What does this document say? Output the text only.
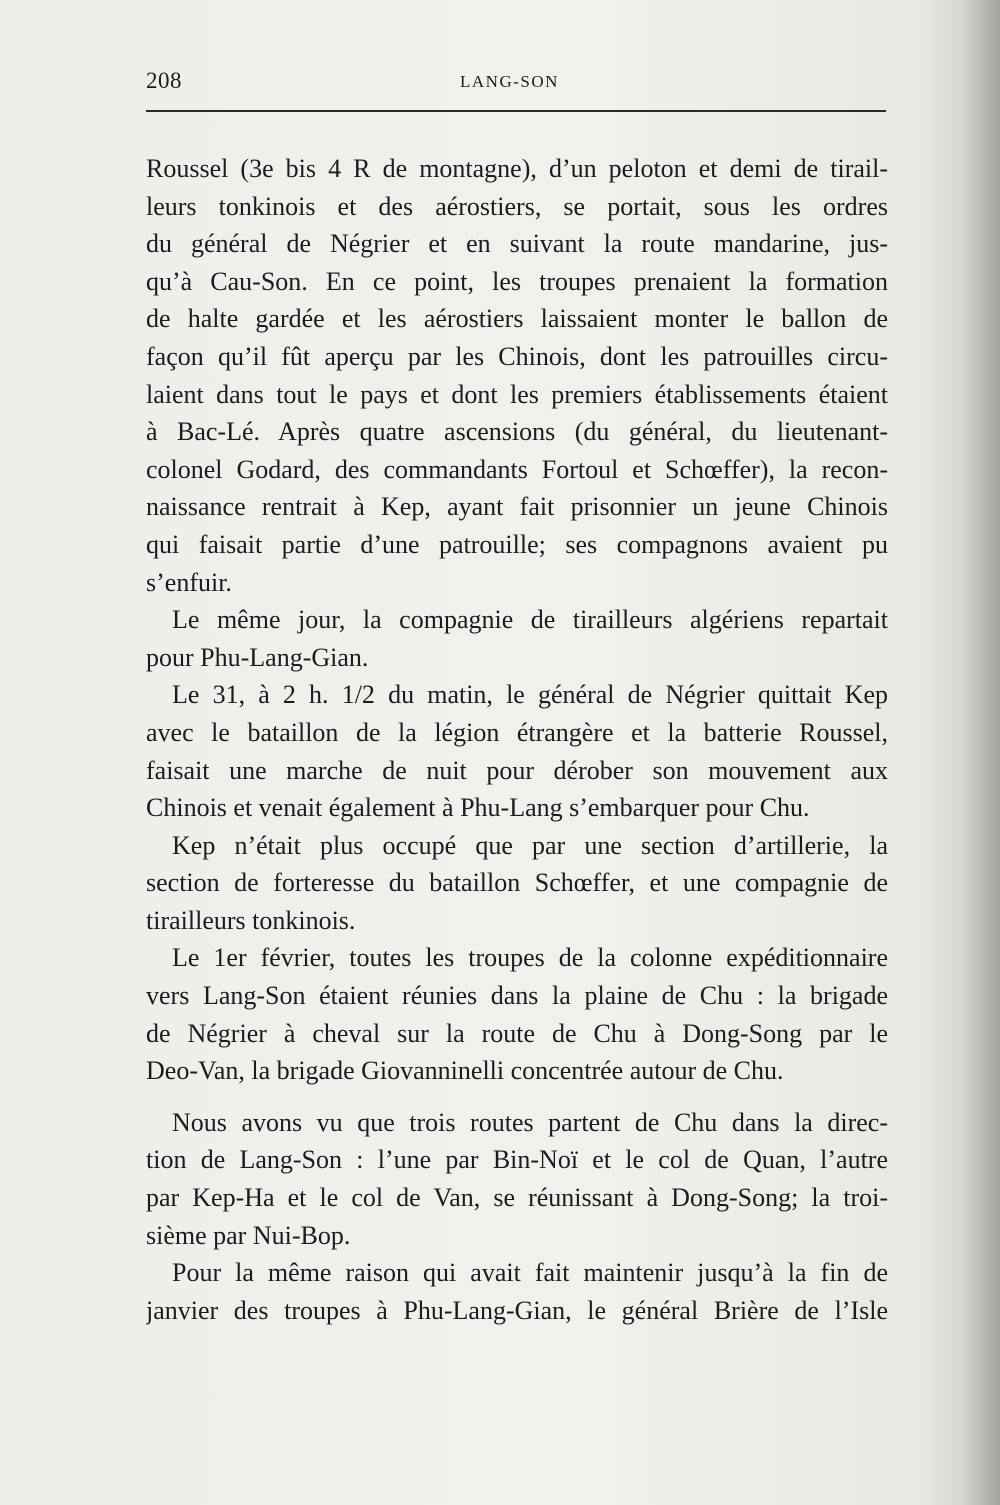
208	LANG-SON
Roussel (3e bis 4 R de montagne), d’un peloton et demi de tirail-
leurs tonkinois et des aérostiers, se portait, sous les ordres
du général de Négrier et en suivant la route mandarine, jus-
qu’à Cau-Son. En ce point, les troupes prenaient la formation
de halte gardée et les aérostiers laissaient monter le ballon de
façon qu’il fût aperçu par les Chinois, dont les patrouilles circu-
laient dans tout le pays et dont les premiers établissements étaient
à Bac-Lé. Après quatre ascensions (du général, du lieutenant-
colonel Godard, des commandants Fortoul et Schœffer), la recon-
naissance rentrait à Kep, ayant fait prisonnier un jeune Chinois
qui faisait partie d’une patrouille; ses compagnons avaient pu
s’enfuir.
Le même jour, la compagnie de tirailleurs algériens repartait
pour Phu-Lang-Gian.
Le 31, à 2 h. 1/2 du matin, le général de Négrier quittait Kep
avec le bataillon de la légion étrangère et la batterie Roussel,
faisait une marche de nuit pour dérober son mouvement aux
Chinois et venait également à Phu-Lang s’embarquer pour Chu.
Kep n’était plus occupé que par une section d’artillerie, la
section de forteresse du bataillon Schœffer, et une compagnie de
tirailleurs tonkinois.
Le 1er février, toutes les troupes de la colonne expéditionnaire
vers Lang-Son étaient réunies dans la plaine de Chu : la brigade
de Négrier à cheval sur la route de Chu à Dong-Song par le
Deo-Van, la brigade Giovanninelli concentrée autour de Chu.
Nous avons vu que trois routes partent de Chu dans la direc-
tion de Lang-Son : l’une par Bin-Noï et le col de Quan, l’autre
par Kep-Ha et le col de Van, se réunissant à Dong-Song; la troi-
sième par Nui-Bop.
Pour la même raison qui avait fait maintenir jusqu’à la fin de
janvier des troupes à Phu-Lang-Gian, le général Brière de l’Isle
